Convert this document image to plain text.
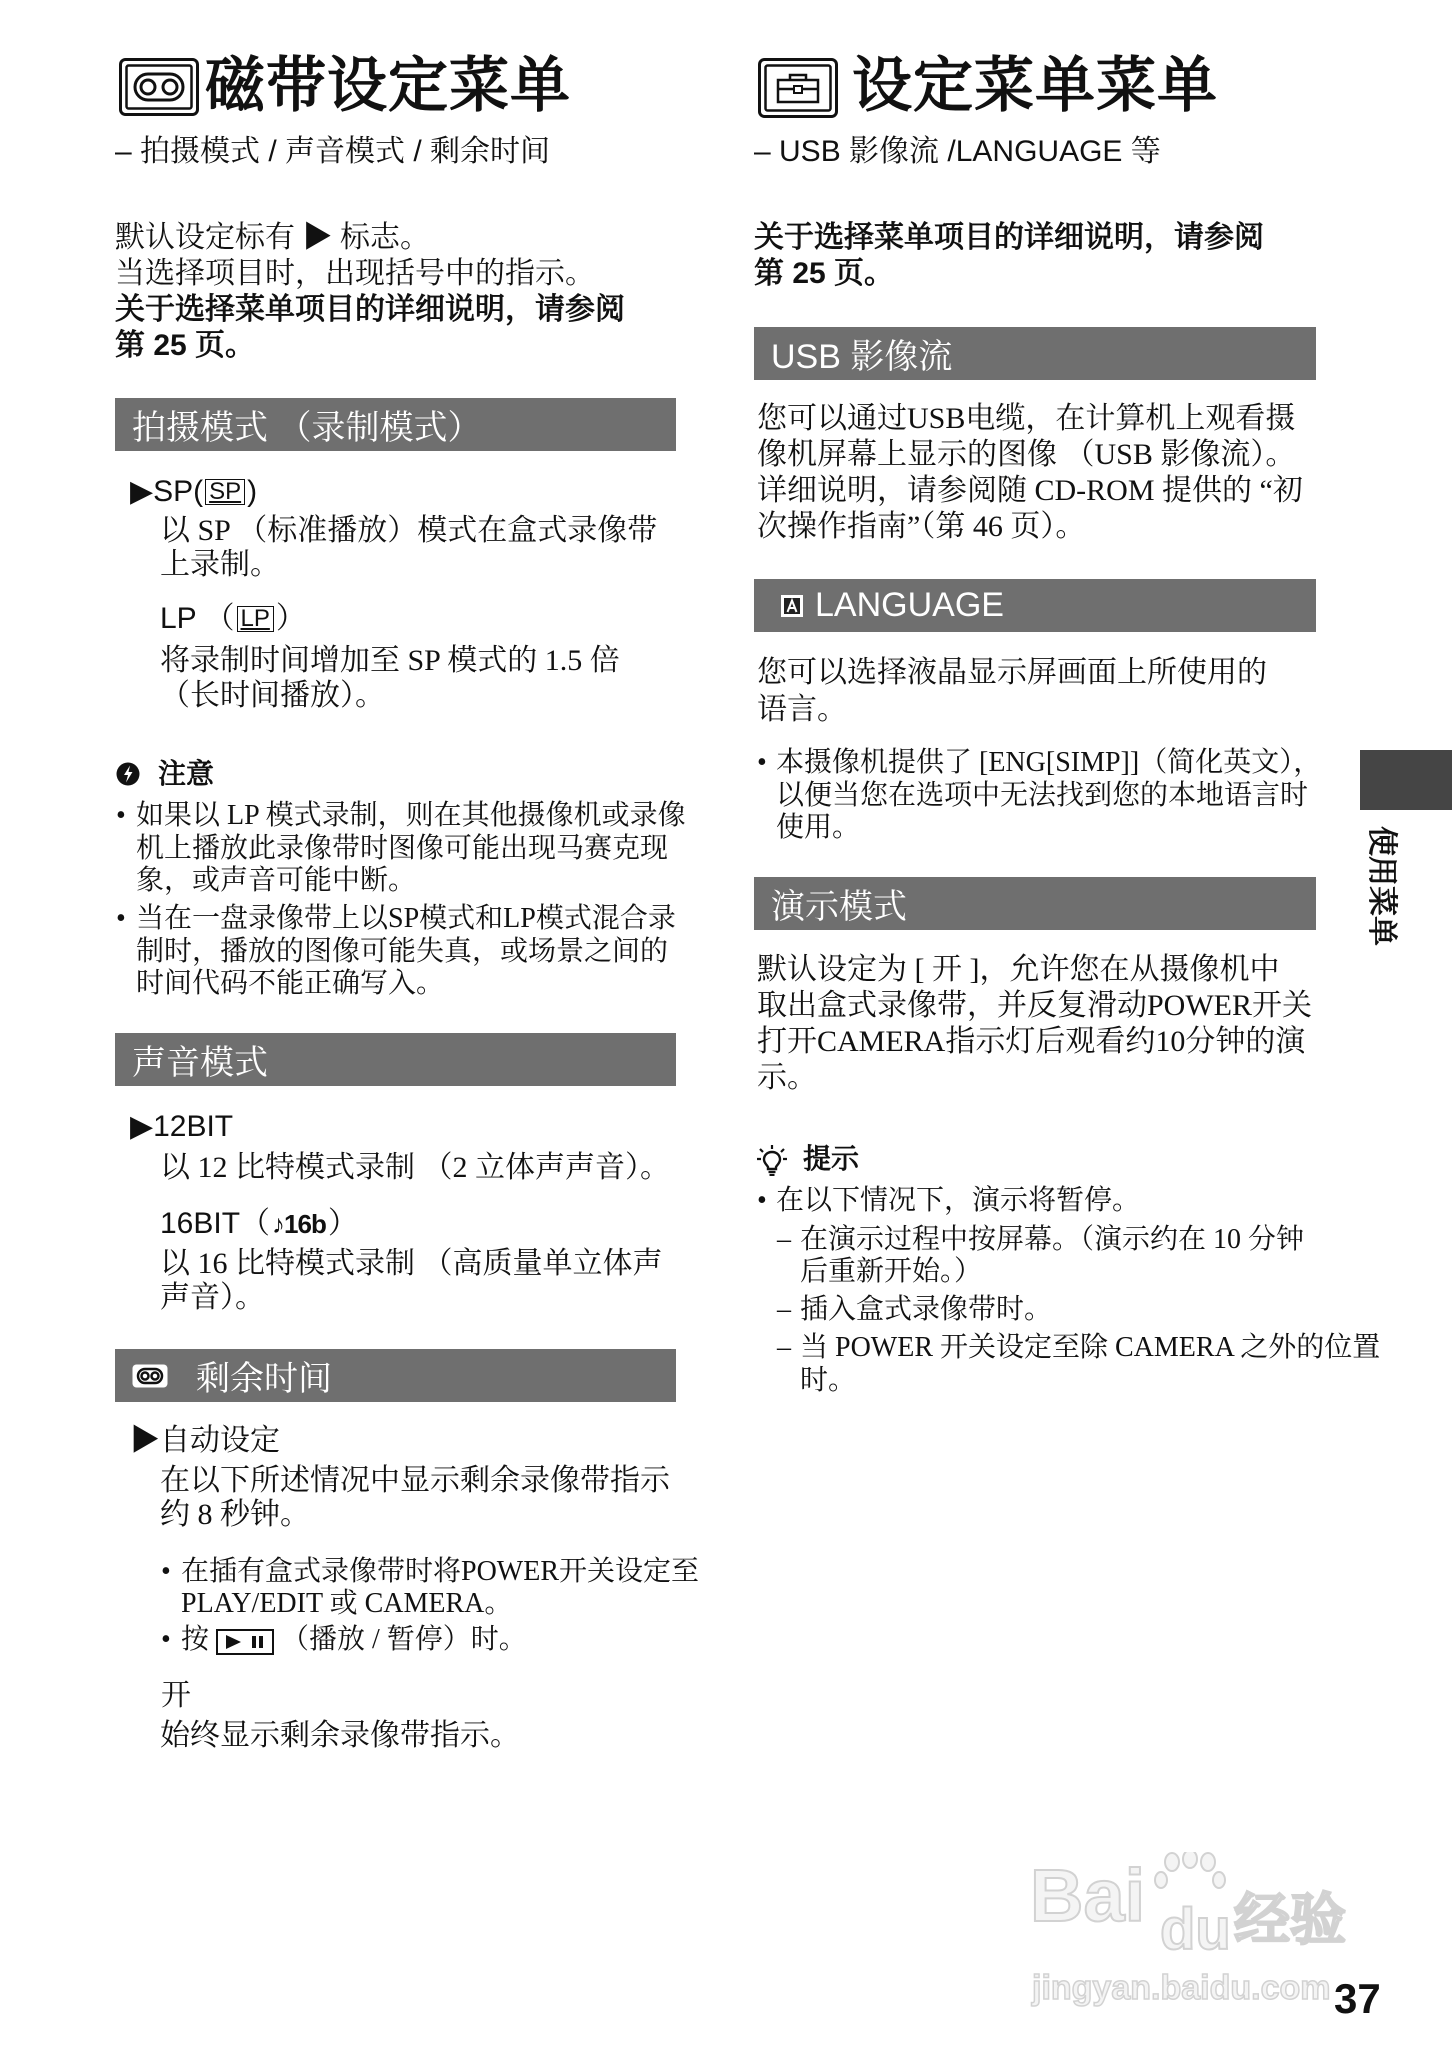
磁带设定菜单
– 拍摄模式 / 声音模式 / 剩余时间
默认设定标有 ▶ 标志。
当选择项目时，出现括号中的指示。
关于选择菜单项目的详细说明，请参阅
第 25 页。
拍摄模式 （录制模式）
▶SP( SP )
以 SP （标准播放）模式在盒式录像带
上录制。
LP （ LP ）
将录制时间增加至 SP 模式的 1.5 倍
（长时间播放）。
注意
• 如果以 LP 模式录制，则在其他摄像机或录像
机上播放此录像带时图像可能出现马赛克现
象，或声音可能中断。
• 当在一盘录像带上以SP模式和LP模式混合录
制时，播放的图像可能失真，或场景之间的
时间代码不能正确写入。
声音模式
▶12BIT
以 12 比特模式录制 （2 立体声声音）。
16BIT（♪16b）
以 16 比特模式录制 （高质量单立体声
声音）。
剩余时间
▶自动设定
在以下所述情况中显示剩余录像带指示
约 8 秒钟。
• 在插有盒式录像带时将POWER开关设定至
PLAY/EDIT 或 CAMERA。
• 按	（播放 / 暂停）时。
开
始终显示剩余录像带指示。
设定菜单菜单
– USB 影像流 /LANGUAGE 等
关于选择菜单项目的详细说明，请参阅
第 25 页。
USB 影像流
您可以通过USB电缆，在计算机上观看摄
像机屏幕上显示的图像 （USB 影像流）。
详细说明，请参阅随 CD-ROM 提供的 “初
次操作指南”（第 46 页）。
LANGUAGE
您可以选择液晶显示屏画面上所使用的
语言。
• 本摄像机提供了 [ENG[SIMP]]（简化英文），
以便当您在选项中无法找到您的本地语言时
使用。
演示模式
默认设定为 [ 开 ]，允许您在从摄像机中
取出盒式录像带，并反复滑动POWER开关
打开CAMERA指示灯后观看约10分钟的演
示。
提示
• 在以下情况下，演示将暂停。
– 在演示过程中按屏幕。（演示约在 10 分钟
后重新开始。）
– 插入盒式录像带时。
– 当 POWER 开关设定至除 CAMERA 之外的位置
时。
使用菜单
Bai du 经验
jingyan.baidu.com 37
